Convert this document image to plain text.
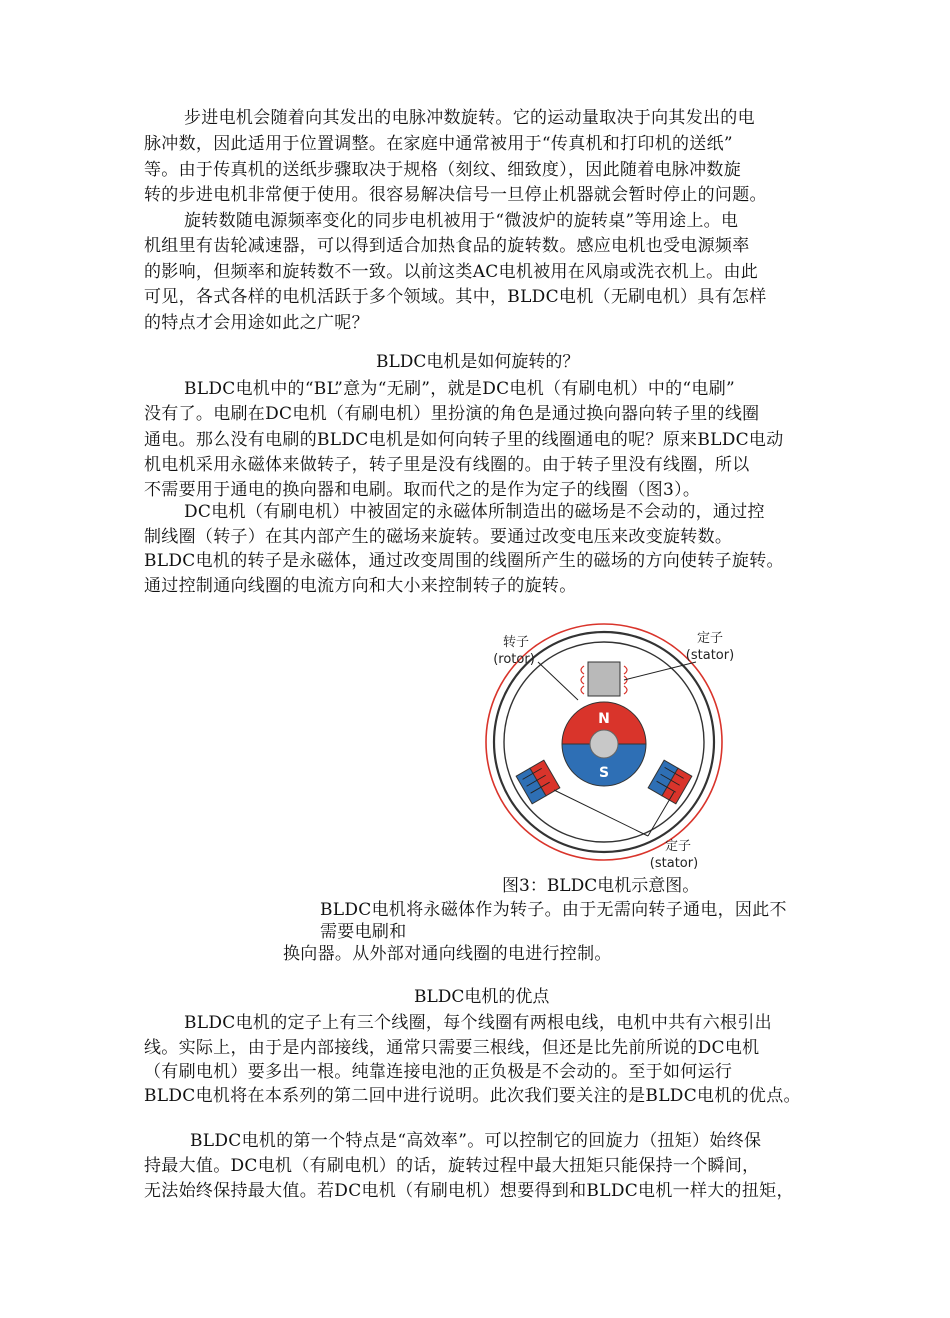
步进电机会随着向其发出的电脉冲数旋转。它的运动量取决于向其发出的电
脉冲数，因此适用于位置调整。在家庭中通常被用于“传真机和打印机的送纸”
等。由于传真机的送纸步骤取决于规格（刻纹、细致度），因此随着电脉冲数旋
转的步进电机非常便于使用。很容易解决信号一旦停止机器就会暂时停止的问题。
旋转数随电源频率变化的同步电机被用于“微波炉的旋转桌”等用途上。电
机组里有齿轮减速器，可以得到适合加热食品的旋转数。感应电机也受电源频率
的影响，但频率和旋转数不一致。以前这类AC电机被用在风扇或洗衣机上。由此
可见，各式各样的电机活跃于多个领域。其中，BLDC电机（无刷电机）具有怎样
的特点才会用途如此之广呢？
BLDC电机是如何旋转的？
BLDC电机中的“BL”意为“无刷”，就是DC电机（有刷电机）中的“电刷”
没有了。电刷在DC电机（有刷电机）里扮演的角色是通过换向器向转子里的线圈
通电。那么没有电刷的BLDC电机是如何向转子里的线圈通电的呢？原来BLDC电动
机电机采用永磁体来做转子，转子里是没有线圈的。由于转子里没有线圈，所以
不需要用于通电的换向器和电刷。取而代之的是作为定子的线圈（图3）。
DC电机（有刷电机）中被固定的永磁体所制造出的磁场是不会动的，通过控
制线圈（转子）在其内部产生的磁场来旋转。要通过改变电压来改变旋转数。
BLDC电机的转子是永磁体，通过改变周围的线圈所产生的磁场的方向使转子旋转。
通过控制通向线圈的电流方向和大小来控制转子的旋转。
N
S
转子
(rotor)
定子
(stator)
定子
(stator)
图3：BLDC电机示意图。
BLDC电机将永磁体作为转子。由于无需向转子通电，因此不
需要电刷和
换向器。从外部对通向线圈的电进行控制。
BLDC电机的优点
BLDC电机的定子上有三个线圈，每个线圈有两根电线，电机中共有六根引出
线。实际上，由于是内部接线，通常只需要三根线，但还是比先前所说的DC电机
（有刷电机）要多出一根。纯靠连接电池的正负极是不会动的。至于如何运行
BLDC电机将在本系列的第二回中进行说明。此次我们要关注的是BLDC电机的优点。
BLDC电机的第一个特点是“高效率”。可以控制它的回旋力（扭矩）始终保
持最大值。DC电机（有刷电机）的话，旋转过程中最大扭矩只能保持一个瞬间，
无法始终保持最大值。若DC电机（有刷电机）想要得到和BLDC电机一样大的扭矩，
